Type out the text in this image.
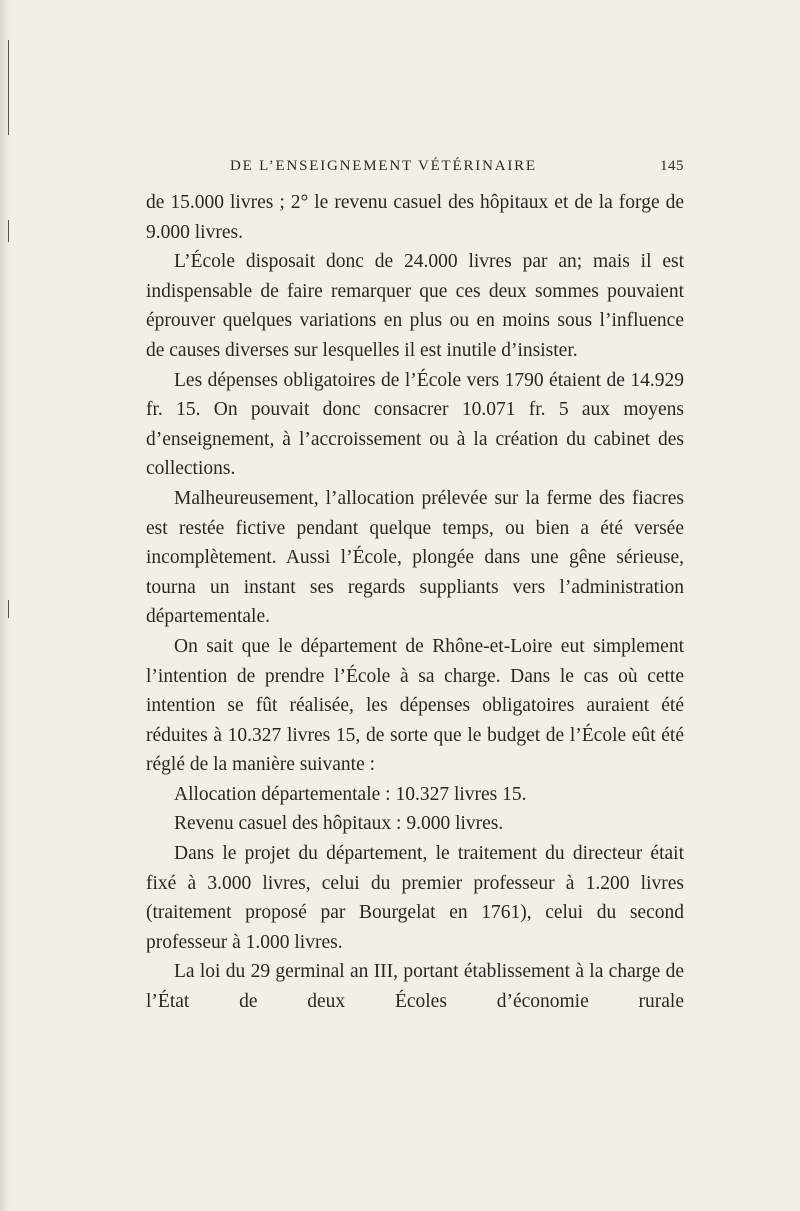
DE L’ENSEIGNEMENT VÉTÉRINAIRE	145

de 15.000 livres ; 2° le revenu casuel des hôpitaux et de la forge de 9.000 livres.

L’École disposait donc de 24.000 livres par an; mais il est indispensable de faire remarquer que ces deux sommes pouvaient éprouver quelques variations en plus ou en moins sous l’influence de causes diverses sur lesquelles il est inutile d’insister.

Les dépenses obligatoires de l’École vers 1790 étaient de 14.929 fr. 15. On pouvait donc consacrer 10.071 fr. 5 aux moyens d’enseignement, à l’accroissement ou à la création du cabinet des collections.

Malheureusement, l’allocation prélevée sur la ferme des fiacres est restée fictive pendant quelque temps, ou bien a été versée incomplètement. Aussi l’École, plongée dans une gêne sérieuse, tourna un instant ses regards suppliants vers l’administration départementale.

On sait que le département de Rhône-et-Loire eut simplement l’intention de prendre l’École à sa charge. Dans le cas où cette intention se fût réalisée, les dépenses obligatoires auraient été réduites à 10.327 livres 15, de sorte que le budget de l’École eût été réglé de la manière suivante :

Allocation départementale : 10.327 livres 15.

Revenu casuel des hôpitaux : 9.000 livres.

Dans le projet du département, le traitement du directeur était fixé à 3.000 livres, celui du premier professeur à 1.200 livres (traitement proposé par Bourgelat en 1761), celui du second professeur à 1.000 livres.

La loi du 29 germinal an III, portant établissement à la charge de l’État de deux Écoles d’économie rurale
